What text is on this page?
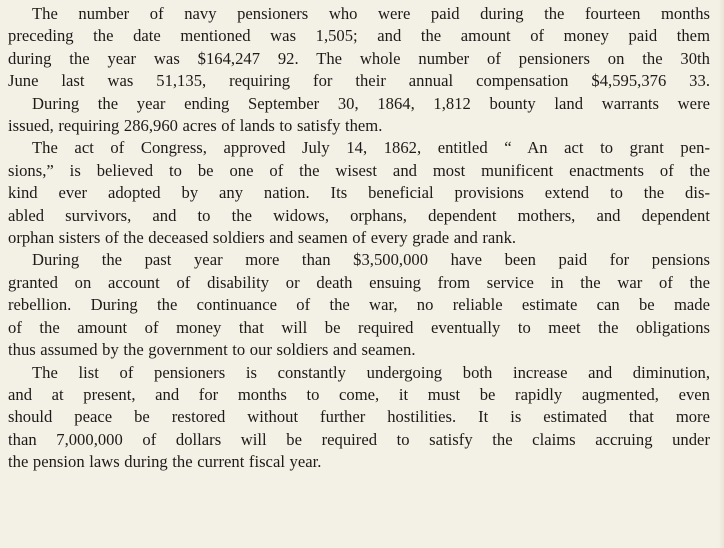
The number of navy pensioners who were paid during the fourteen months
preceding the date mentioned was 1,505; and the amount of money paid them
during the year was $164,247 92. The whole number of pensioners on the 30th
June last was 51,135, requiring for their annual compensation $4,595,376 33.
During the year ending September 30, 1864, 1,812 bounty land warrants were
issued, requiring 286,960 acres of lands to satisfy them.
The act of Congress, approved July 14, 1862, entitled “ An act to grant pen-
sions,” is believed to be one of the wisest and most munificent enactments of the
kind ever adopted by any nation. Its beneficial provisions extend to the dis-
abled survivors, and to the widows, orphans, dependent mothers, and dependent
orphan sisters of the deceased soldiers and seamen of every grade and rank.
During the past year more than $3,500,000 have been paid for pensions
granted on account of disability or death ensuing from service in the war of the
rebellion. During the continuance of the war, no reliable estimate can be made
of the amount of money that will be required eventually to meet the obligations
thus assumed by the government to our soldiers and seamen.
The list of pensioners is constantly undergoing both increase and diminution,
and at present, and for months to come, it must be rapidly augmented, even
should peace be restored without further hostilities. It is estimated that more
than 7,000,000 of dollars will be required to satisfy the claims accruing under
the pension laws during the current fiscal year.
